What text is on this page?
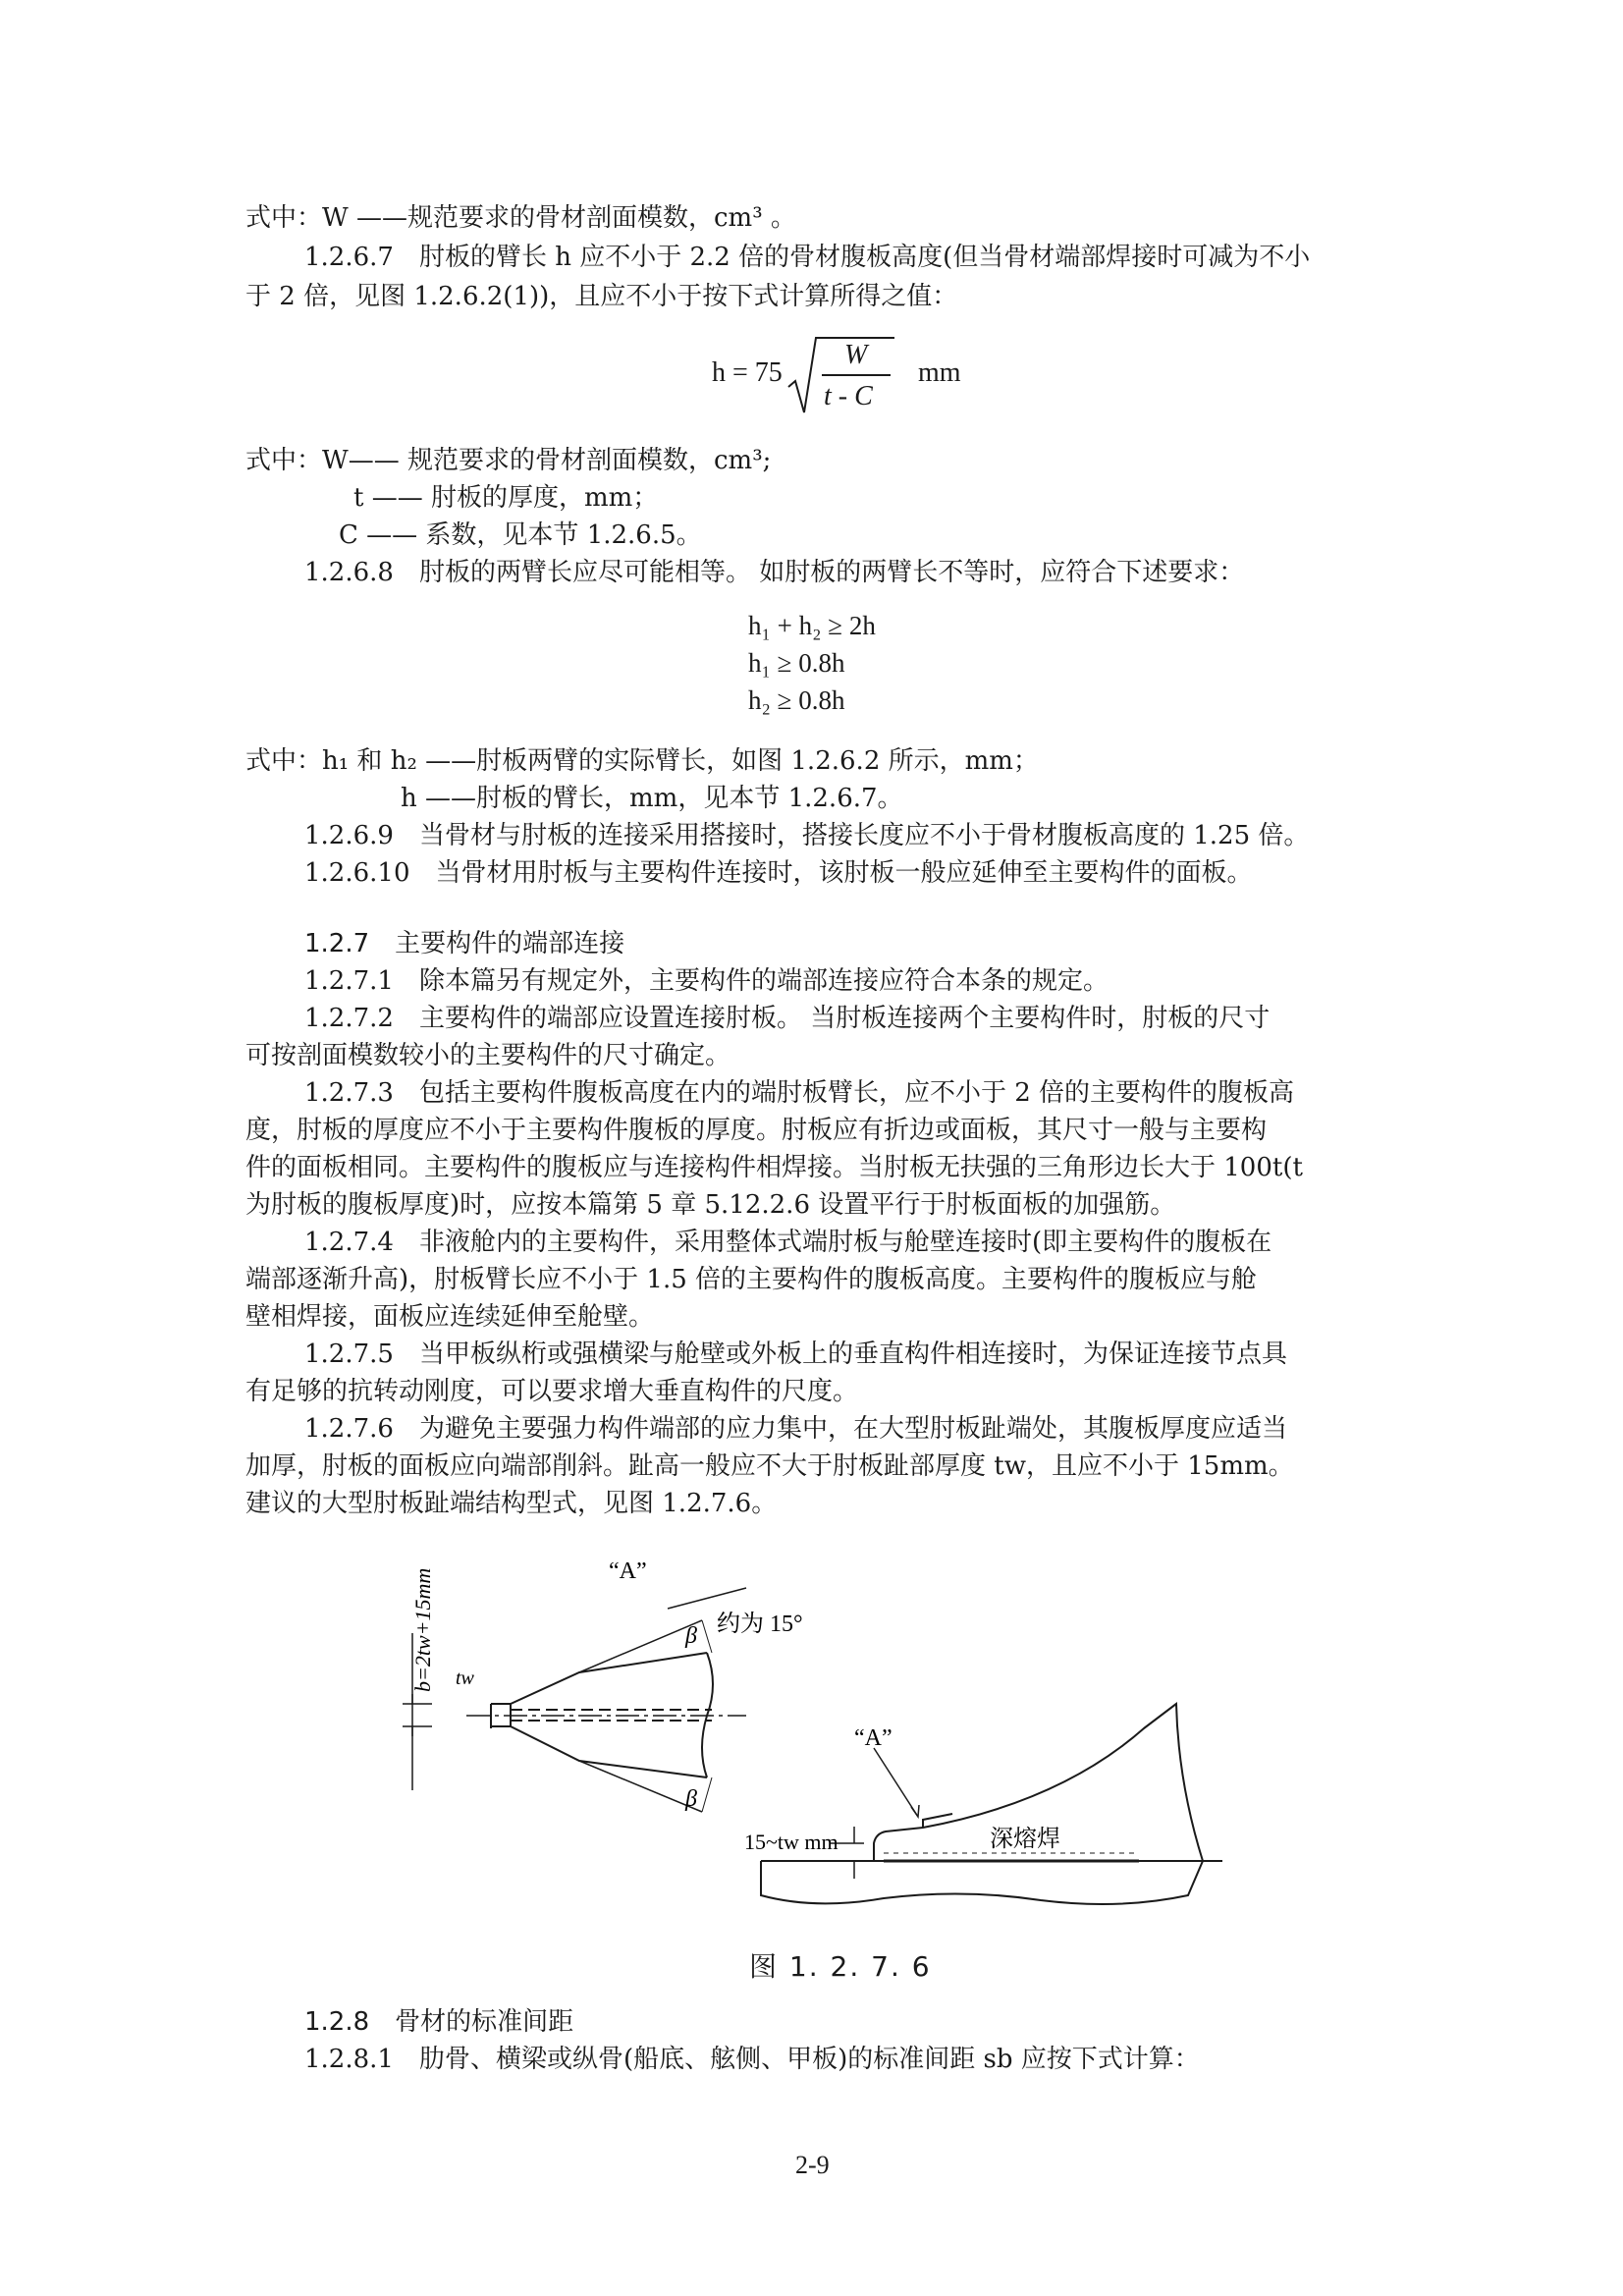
式中：W ——规范要求的骨材剖面模数，cm³ 。
1.2.6.7　肘板的臂长 h 应不小于 2.2 倍的骨材腹板高度(但当骨材端部焊接时可减为不小
于 2 倍，见图 1.2.6.2(1))，且应不小于按下式计算所得之值：
h = 75
W
t - C
mm
式中：W—— 规范要求的骨材剖面模数，cm³;
t —— 肘板的厚度，mm；
C —— 系数，见本节 1.2.6.5。
1.2.6.8　肘板的两臂长应尽可能相等。 如肘板的两臂长不等时，应符合下述要求：
h₁ + h₂ ≥ 2h
h₁ ≥ 0.8h
h₂ ≥ 0.8h
式中：h₁ 和 h₂ ——肘板两臂的实际臂长，如图 1.2.6.2 所示，mm；
h ——肘板的臂长，mm，见本节 1.2.6.7。
1.2.6.9　当骨材与肘板的连接采用搭接时，搭接长度应不小于骨材腹板高度的 1.25 倍。
1.2.6.10　当骨材用肘板与主要构件连接时，该肘板一般应延伸至主要构件的面板。
1.2.7　主要构件的端部连接
1.2.7.1　除本篇另有规定外，主要构件的端部连接应符合本条的规定。
1.2.7.2　主要构件的端部应设置连接肘板。 当肘板连接两个主要构件时，肘板的尺寸
可按剖面模数较小的主要构件的尺寸确定。
1.2.7.3　包括主要构件腹板高度在内的端肘板臂长，应不小于 2 倍的主要构件的腹板高
度，肘板的厚度应不小于主要构件腹板的厚度。肘板应有折边或面板，其尺寸一般与主要构
件的面板相同。主要构件的腹板应与连接构件相焊接。当肘板无扶强的三角形边长大于 100t(t
为肘板的腹板厚度)时，应按本篇第 5 章 5.12.2.6 设置平行于肘板面板的加强筋。
1.2.7.4　非液舱内的主要构件，采用整体式端肘板与舱壁连接时(即主要构件的腹板在
端部逐渐升高)，肘板臂长应不小于 1.5 倍的主要构件的腹板高度。主要构件的腹板应与舱
壁相焊接，面板应连续延伸至舱壁。
1.2.7.5　当甲板纵桁或强横梁与舱壁或外板上的垂直构件相连接时，为保证连接节点具
有足够的抗转动刚度，可以要求增大垂直构件的尺度。
1.2.7.6　为避免主要强力构件端部的应力集中，在大型肘板趾端处，其腹板厚度应适当
加厚，肘板的面板应向端部削斜。趾高一般应不大于肘板趾部厚度 tw，且应不小于 15mm。
建议的大型肘板趾端结构型式，见图 1.2.7.6。
“A”
b=2tw+15mm tw
β
β
约为 15°
“A”
15~tw mm	深熔焊
图 1. 2. 7. 6
1.2.8　骨材的标准间距
1.2.8.1　肋骨、横梁或纵骨(船底、舷侧、甲板)的标准间距 sb 应按下式计算：
2-9
